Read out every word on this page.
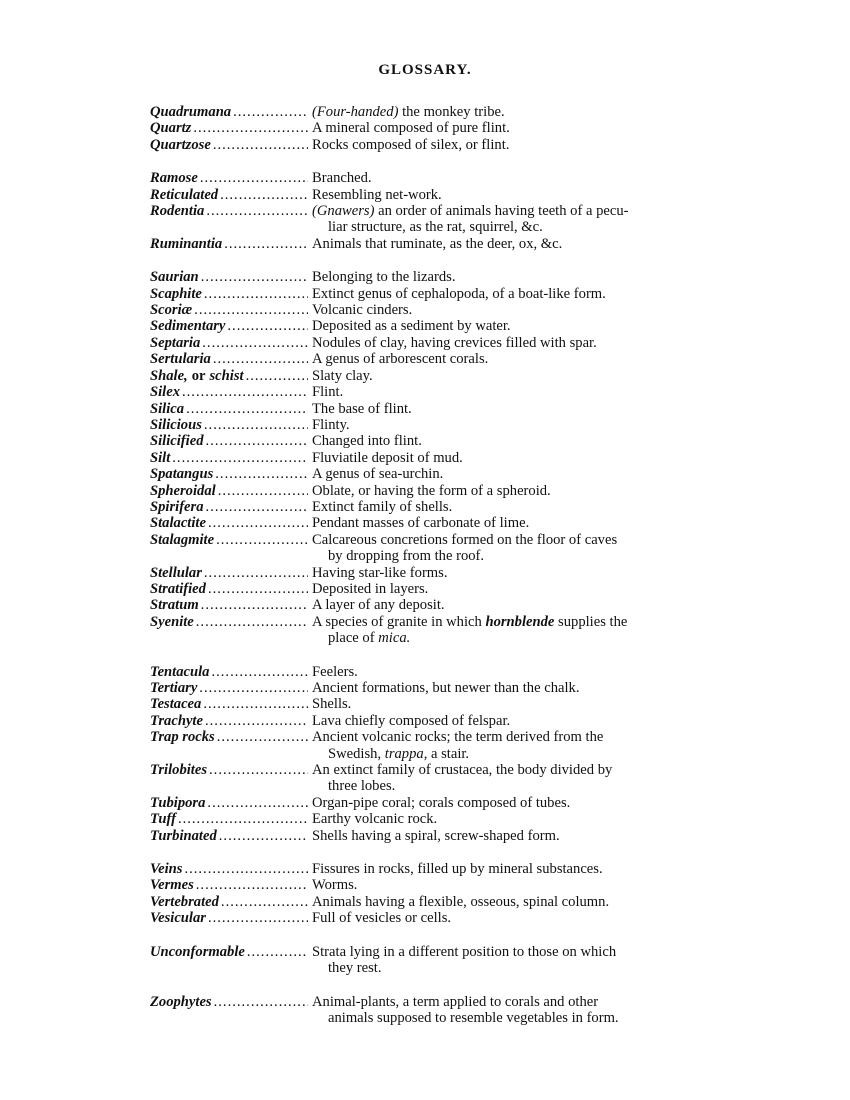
GLOSSARY.
Quadrumana .....	(Four-handed) the monkey tribe.
Quartz .....	A mineral composed of pure flint.
Quartzose .....	Rocks composed of silex, or flint.
Ramose .....	Branched.
Reticulated .....	Resembling net-work.
Rodentia .....	(Gnawers) an order of animals having teeth of a pecu-
liar structure, as the rat, squirrel, &c.
Ruminantia .....	Animals that ruminate, as the deer, ox, &c.
Saurian .....	Belonging to the lizards.
Scaphite .....	Extinct genus of cephalopoda, of a boat-like form.
Scoriæ .....	Volcanic cinders.
Sedimentary .....	Deposited as a sediment by water.
Septaria .....	Nodules of clay, having crevices filled with spar.
Sertularia .....	A genus of arborescent corals.
Shale, or schist .....	Slaty clay.
Silex .....	Flint.
Silica .....	The base of flint.
Silicious .....	Flinty.
Silicified .....	Changed into flint.
Silt .....	Fluviatile deposit of mud.
Spatangus .....	A genus of sea-urchin.
Spheroidal .....	Oblate, or having the form of a spheroid.
Spirifera .....	Extinct family of shells.
Stalactite .....	Pendant masses of carbonate of lime.
Stalagmite .....	Calcareous concretions formed on the floor of caves
by dropping from the roof.
Stellular .....	Having star-like forms.
Stratified .....	Deposited in layers.
Stratum .....	A layer of any deposit.
Syenite .....	A species of granite in which hornblende supplies the
place of mica.
Tentacula .....	Feelers.
Tertiary .....	Ancient formations, but newer than the chalk.
Testacea .....	Shells.
Trachyte .....	Lava chiefly composed of felspar.
Trap rocks .....	Ancient volcanic rocks; the term derived from the
Swedish, trappa, a stair.
Trilobites .....	An extinct family of crustacea, the body divided by
three lobes.
Tubipora .....	Organ-pipe coral; corals composed of tubes.
Tuff .....	Earthy volcanic rock.
Turbinated .....	Shells having a spiral, screw-shaped form.
Veins .....	Fissures in rocks, filled up by mineral substances.
Vermes .....	Worms.
Vertebrated .....	Animals having a flexible, osseous, spinal column.
Vesicular .....	Full of vesicles or cells.
Unconformable .....	Strata lying in a different position to those on which
they rest.
Zoophytes .....	Animal-plants, a term applied to corals and other
animals supposed to resemble vegetables in form.
